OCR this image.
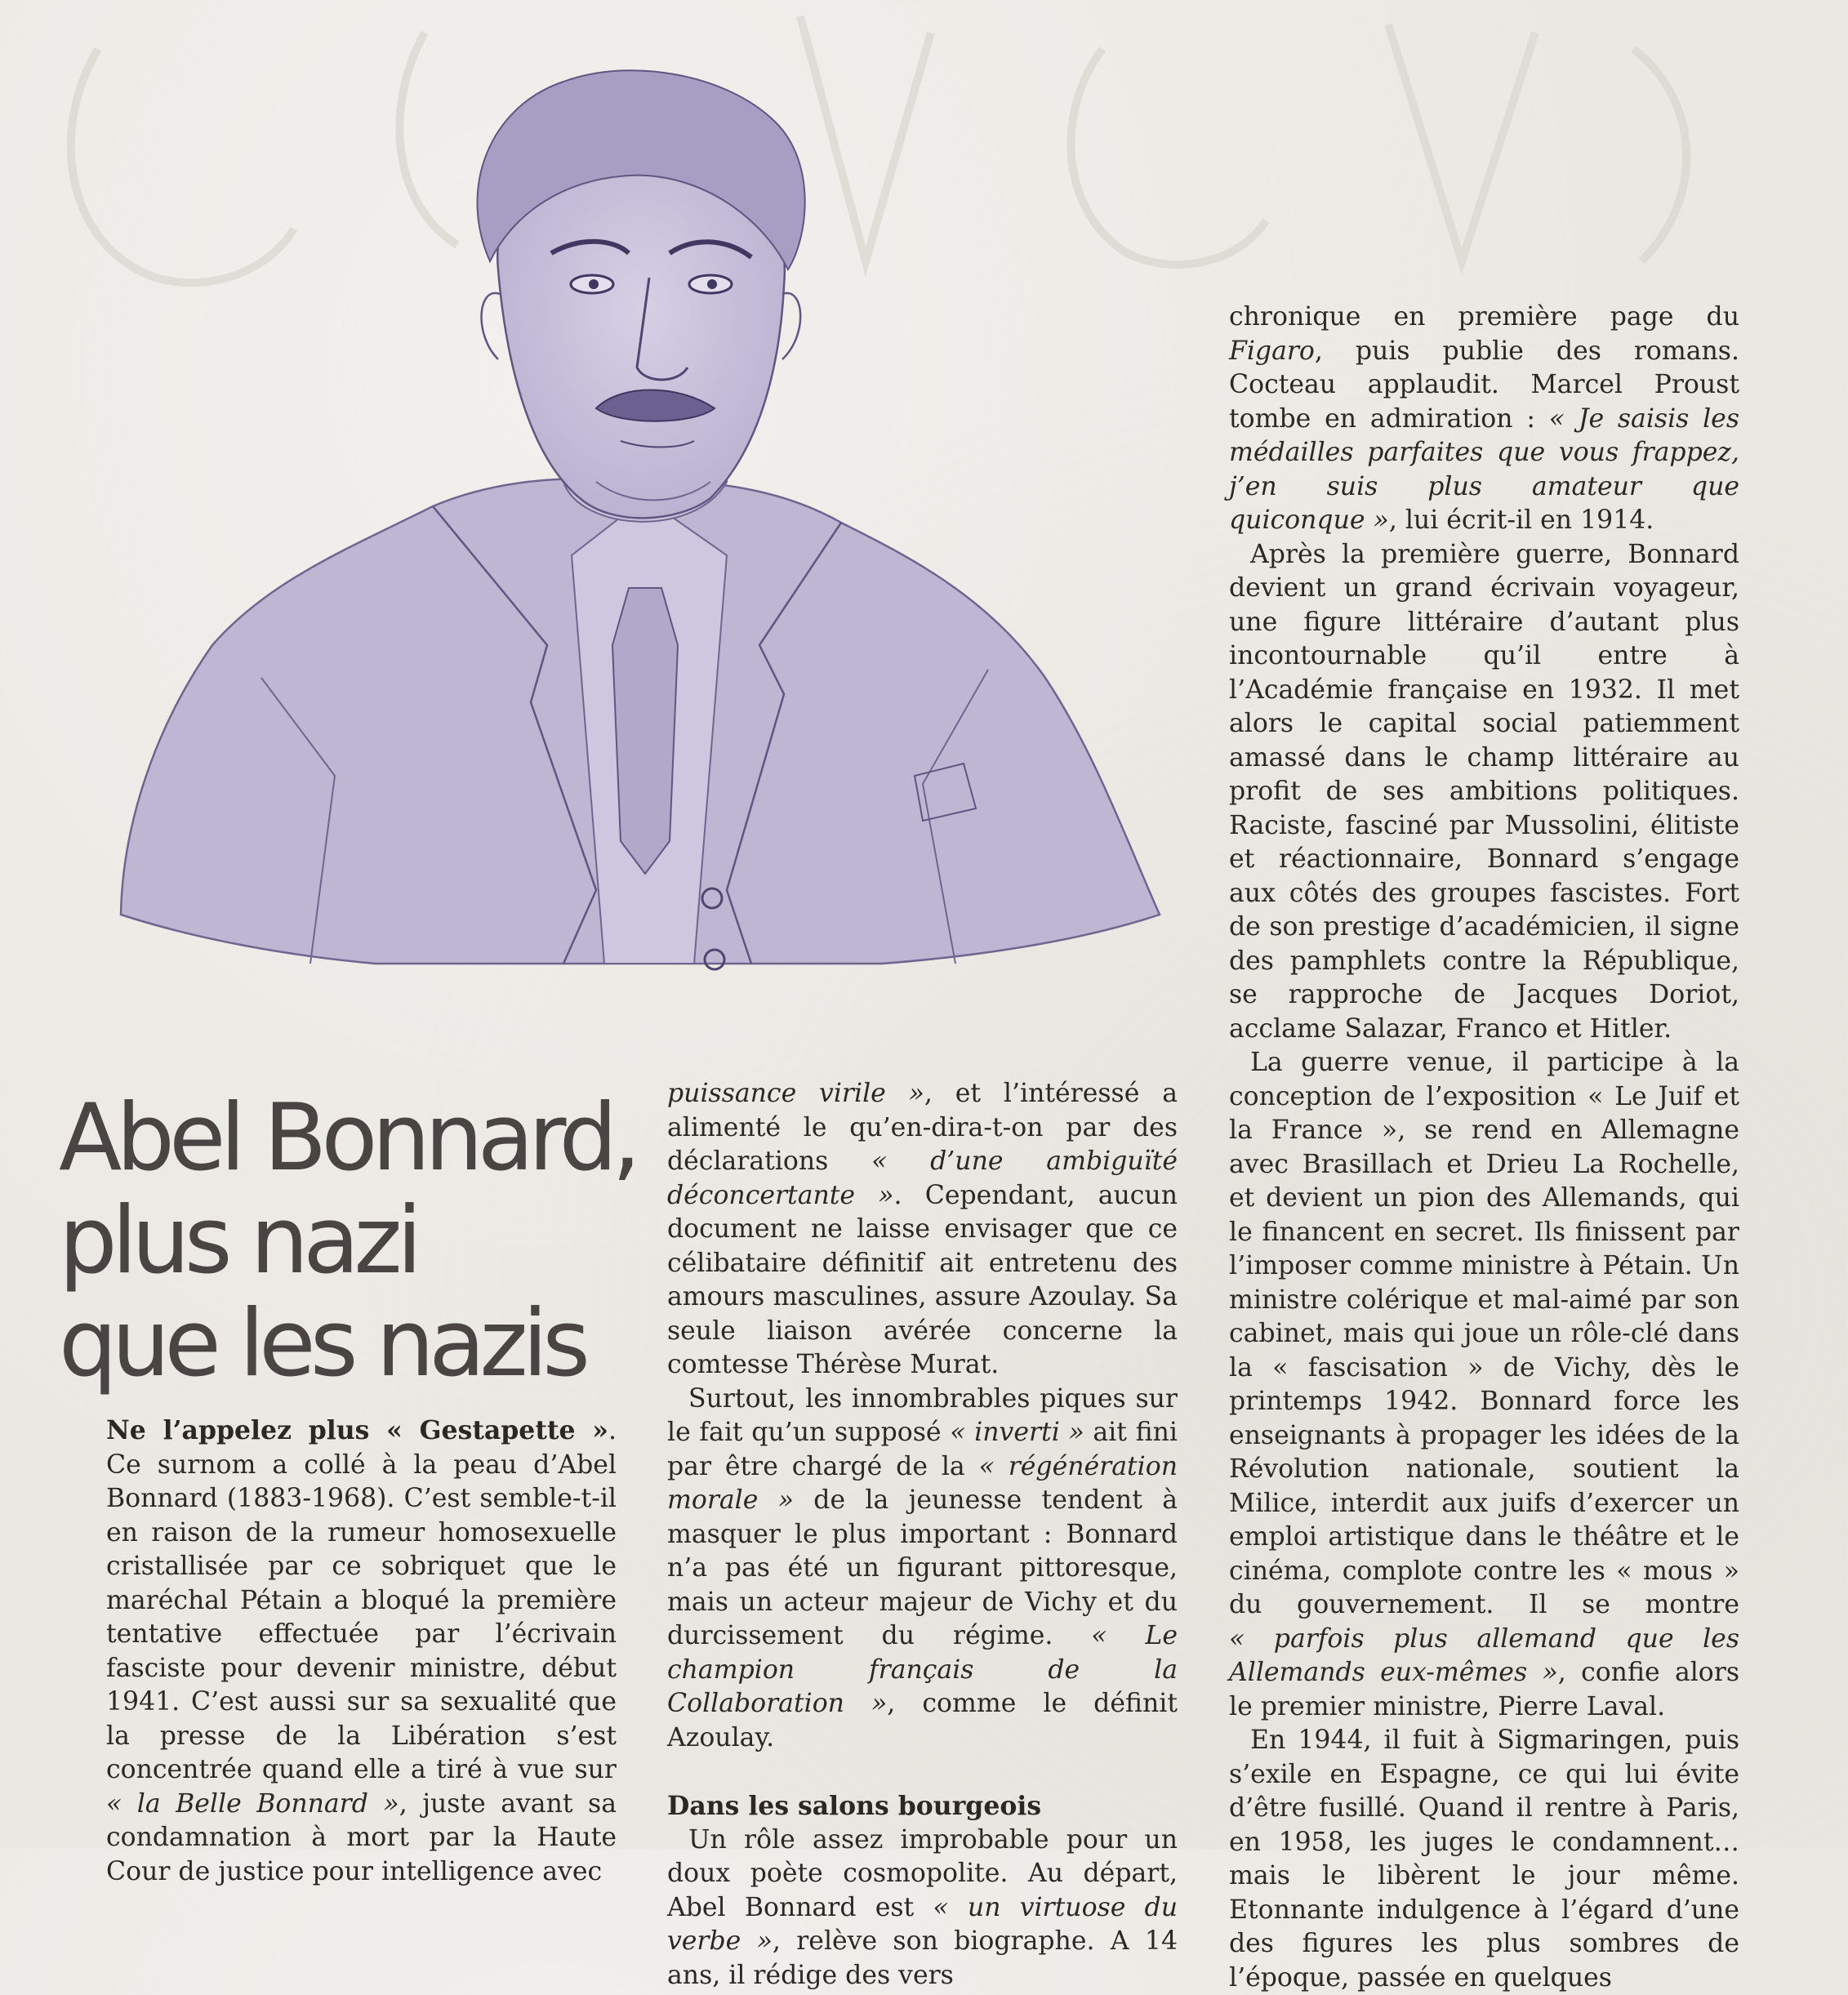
Abel Bonnard,
plus nazi
que les nazis

Ne l’appelez plus « Gestapette ». Ce surnom a collé à la peau d’Abel Bonnard (1883-1968). C’est semble-t-il en raison de la rumeur homosexuelle cristallisée par ce sobriquet que le maréchal Pétain a bloqué la première tentative effectuée par l’écrivain fasciste pour devenir ministre, début 1941. C’est aussi sur sa sexualité que la presse de la Libération s’est concentrée quand elle a tiré à vue sur « la Belle Bonnard », juste avant sa condamnation à mort par la Haute Cour de justice pour intelligence avec

puissance virile », et l’intéressé a alimenté le qu’en-dira-t-on par des déclarations « d’une ambiguïté déconcertante ». Cependant, aucun document ne laisse envisager que ce célibataire définitif ait entretenu des amours masculines, assure Azoulay. Sa seule liaison avérée concerne la comtesse Thérèse Murat.

Surtout, les innombrables piques sur le fait qu’un supposé « inverti » ait fini par être chargé de la « régénération morale » de la jeunesse tendent à masquer le plus important : Bonnard n’a pas été un figurant pittoresque, mais un acteur majeur de Vichy et du durcissement du régime. « Le champion français de la Collaboration », comme le définit Azoulay.

Dans les salons bourgeois

Un rôle assez improbable pour un doux poète cosmopolite. Au départ, Abel Bonnard est « un virtuose du verbe », relève son biographe. A 14 ans, il rédige des vers

chronique en première page du Figaro, puis publie des romans. Cocteau applaudit. Marcel Proust tombe en admiration : « Je saisis les médailles parfaites que vous frappez, j’en suis plus amateur que quiconque », lui écrit-il en 1914.

Après la première guerre, Bonnard devient un grand écrivain voyageur, une figure littéraire d’autant plus incontournable qu’il entre à l’Académie française en 1932. Il met alors le capital social patiemment amassé dans le champ littéraire au profit de ses ambitions politiques. Raciste, fasciné par Mussolini, élitiste et réactionnaire, Bonnard s’engage aux côtés des groupes fascistes. Fort de son prestige d’académicien, il signe des pamphlets contre la République, se rapproche de Jacques Doriot, acclame Salazar, Franco et Hitler.

La guerre venue, il participe à la conception de l’exposition « Le Juif et la France », se rend en Allemagne avec Brasillach et Drieu La Rochelle, et devient un pion des Allemands, qui le financent en secret. Ils finissent par l’imposer comme ministre à Pétain. Un ministre colérique et mal-aimé par son cabinet, mais qui joue un rôle-clé dans la « fascisation » de Vichy, dès le printemps 1942. Bonnard force les enseignants à propager les idées de la Révolution nationale, soutient la Milice, interdit aux juifs d’exercer un emploi artistique dans le théâtre et le cinéma, complote contre les « mous » du gouvernement. Il se montre « parfois plus allemand que les Allemands eux-mêmes », confie alors le premier ministre, Pierre Laval.

En 1944, il fuit à Sigmaringen, puis s’exile en Espagne, ce qui lui évite d’être fusillé. Quand il rentre à Paris, en 1958, les juges le condamnent… mais le libèrent le jour même. Etonnante indulgence à l’égard d’une des figures les plus sombres de l’époque, passée en quelques
